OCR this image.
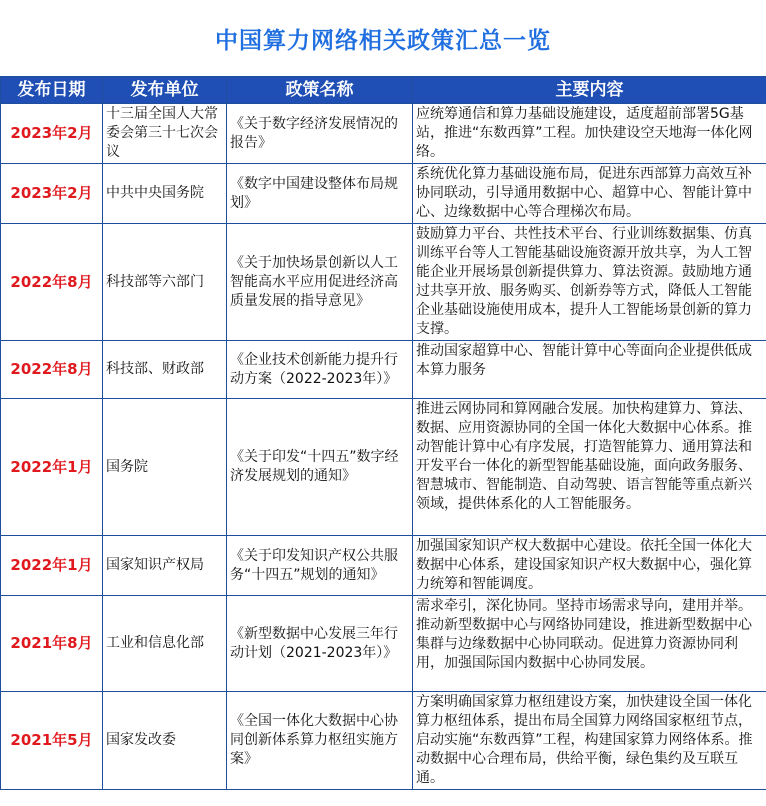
中国算力网络相关政策汇总一览
发布日期	发布单位	政策名称	主要内容
2023年2月	十三届全国人大常委会第三十七次会议	《关于数字经济发展情况的报告》	应统筹通信和算力基础设施建设，适度超前部署5G基站，推进“东数西算”工程。加快建设空天地海一体化网络。
2023年2月	中共中央国务院	《数字中国建设整体布局规划》	系统优化算力基础设施布局，促进东西部算力高效互补协同联动，引导通用数据中心、超算中心、智能计算中心、边缘数据中心等合理梯次布局。
2022年8月	科技部等六部门	《关于加快场景创新以人工智能高水平应用促进经济高质量发展的指导意见》	鼓励算力平台、共性技术平台、行业训练数据集、仿真训练平台等人工智能基础设施资源开放共享，为人工智能企业开展场景创新提供算力、算法资源。鼓励地方通过共享开放、服务购买、创新券等方式，降低人工智能企业基础设施使用成本，提升人工智能场景创新的算力支撑。
2022年8月	科技部、财政部	《企业技术创新能力提升行动方案（2022-2023年）》	推动国家超算中心、智能计算中心等面向企业提供低成本算力服务
2022年1月	国务院	《关于印发“十四五”数字经济发展规划的通知》	推进云网协同和算网融合发展。加快构建算力、算法、数据、应用资源协同的全国一体化大数据中心体系。推动智能计算中心有序发展，打造智能算力、通用算法和开发平台一体化的新型智能基础设施，面向政务服务、智慧城市、智能制造、自动驾驶、语言智能等重点新兴领域，提供体系化的人工智能服务。
2022年1月	国家知识产权局	《关于印发知识产权公共服务“十四五”规划的通知》	加强国家知识产权大数据中心建设。依托全国一体化大数据中心体系，建设国家知识产权大数据中心，强化算力统筹和智能调度。
2021年8月	工业和信息化部	《新型数据中心发展三年行动计划（2021-2023年）》	需求牵引，深化协同。坚持市场需求导向，建用并举。推动新型数据中心与网络协同建设，推进新型数据中心集群与边缘数据中心协同联动。促进算力资源协同利用，加强国际国内数据中心协同发展。
2021年5月	国家发改委	《全国一体化大数据中心协同创新体系算力枢纽实施方案》	方案明确国家算力枢纽建设方案，加快建设全国一体化算力枢纽体系，提出布局全国算力网络国家枢纽节点，启动实施“东数西算”工程，构建国家算力网络体系。推动数据中心合理布局，供给平衡，绿色集约及互联互通。
